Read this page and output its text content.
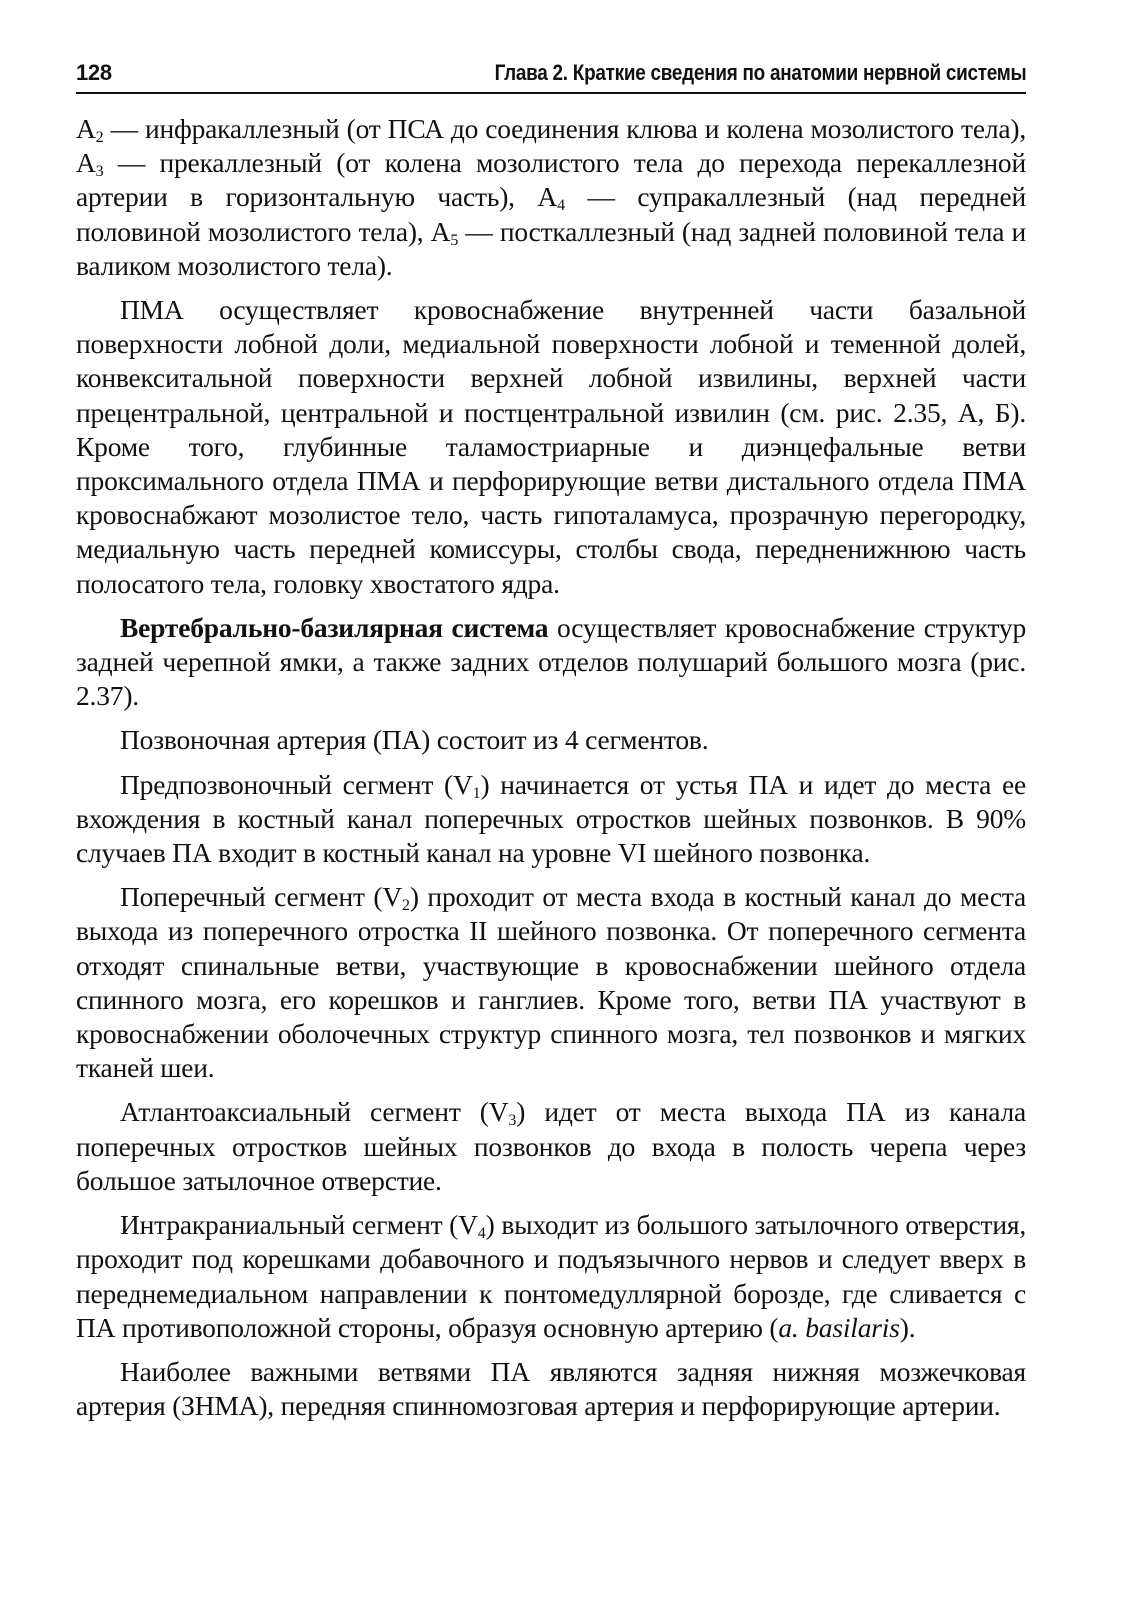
128	Глава 2. Краткие сведения по анатомии нервной системы

$A_2$ — инфракаллезный (от ПСА до соединения клюва и колена мозолистого тела), $A_3$ — прекаллезный (от колена мозолистого тела до перехода перекаллезной артерии в горизонтальную часть), $A_4$ — супракаллезный (над передней половиной мозолистого тела), $A_5$ — посткаллезный (над задней половиной тела и валиком мозолистого тела).

ПМА осуществляет кровоснабжение внутренней части базальной поверхности лобной доли, медиальной поверхности лобной и теменной долей, конвекситальной поверхности верхней лобной извилины, верхней части прецентральной, центральной и постцентральной извилин (см. рис. 2.35, А, Б). Кроме того, глубинные таламостриарные и диэнцефальные ветви проксимального отдела ПМА и перфорирующие ветви дистального отдела ПМА кровоснабжают мозолистое тело, часть гипоталамуса, прозрачную перегородку, медиальную часть передней комиссуры, столбы свода, передненижнюю часть полосатого тела, головку хвостатого ядра.

Вертебрально-базилярная система осуществляет кровоснабжение структур задней черепной ямки, а также задних отделов полушарий большого мозга (рис. 2.37).

Позвоночная артерия (ПА) состоит из 4 сегментов.

Предпозвоночный сегмент $(V_1)$ начинается от устья ПА и идет до места ее вхождения в костный канал поперечных отростков шейных позвонков. В 90% случаев ПА входит в костный канал на уровне VI шейного позвонка.

Поперечный сегмент $(V_2)$ проходит от места входа в костный канал до места выхода из поперечного отростка II шейного позвонка. От поперечного сегмента отходят спинальные ветви, участвующие в кровоснабжении шейного отдела спинного мозга, его корешков и ганглиев. Кроме того, ветви ПА участвуют в кровоснабжении оболочечных структур спинного мозга, тел позвонков и мягких тканей шеи.

Атлантоаксиальный сегмент $(V_3)$ идет от места выхода ПА из канала поперечных отростков шейных позвонков до входа в полость черепа через большое затылочное отверстие.

Интракраниальный сегмент $(V_4)$ выходит из большого затылочного отверстия, проходит под корешками добавочного и подъязычного нервов и следует вверх в переднемедиальном направлении к понтомедуллярной борозде, где сливается с ПА противоположной стороны, образуя основную артерию (a. basilaris).

Наиболее важными ветвями ПА являются задняя нижняя мозжечковая артерия (ЗНМА), передняя спинномозговая артерия и перфорирующие артерии.
